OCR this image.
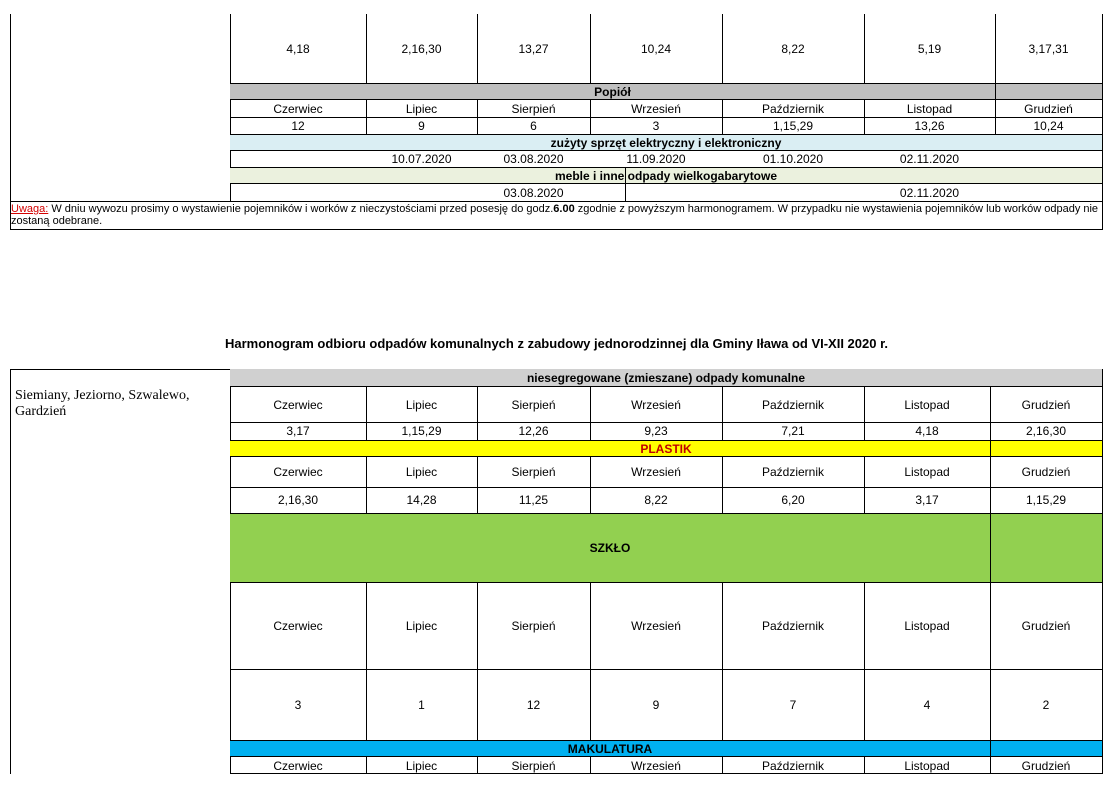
4,18	2,16,30	13,27	10,24	8,22	5,19	3,17,31
Popiół
Czerwiec	Lipiec	Sierpień	Wrzesień	Październik	Listopad	Grudzień
12	9	6	3	1,15,29	13,26	10,24
zużyty sprzęt elektryczny i elektroniczny
10.07.2020	03.08.2020	11.09.2020	01.10.2020	02.11.2020
meble i inne odpady wielkogabarytowe
03.08.2020	02.11.2020
Uwaga: W dniu wywozu prosimy o wystawienie pojemników i worków z nieczystościami przed posesję do godz.6.00 zgodnie z powyższym harmonogramem. W przypadku nie wystawienia pojemników lub worków odpady nie zostaną odebrane.
Harmonogram odbioru odpadów komunalnych z zabudowy jednorodzinnej dla Gminy Iława od VI-XII 2020 r.
Siemiany, Jeziorno, Szwalewo, Gardzień
niesegregowane (zmieszane) odpady komunalne
Czerwiec	Lipiec	Sierpień	Wrzesień	Październik	Listopad	Grudzień
3,17	1,15,29	12,26	9,23	7,21	4,18	2,16,30
PLASTIK
Czerwiec	Lipiec	Sierpień	Wrzesień	Październik	Listopad	Grudzień
2,16,30	14,28	11,25	8,22	6,20	3,17	1,15,29
SZKŁO
Czerwiec	Lipiec	Sierpień	Wrzesień	Październik	Listopad	Grudzień
3	1	12	9	7	4	2
MAKULATURA
Czerwiec	Lipiec	Sierpień	Wrzesień	Październik	Listopad	Grudzień
